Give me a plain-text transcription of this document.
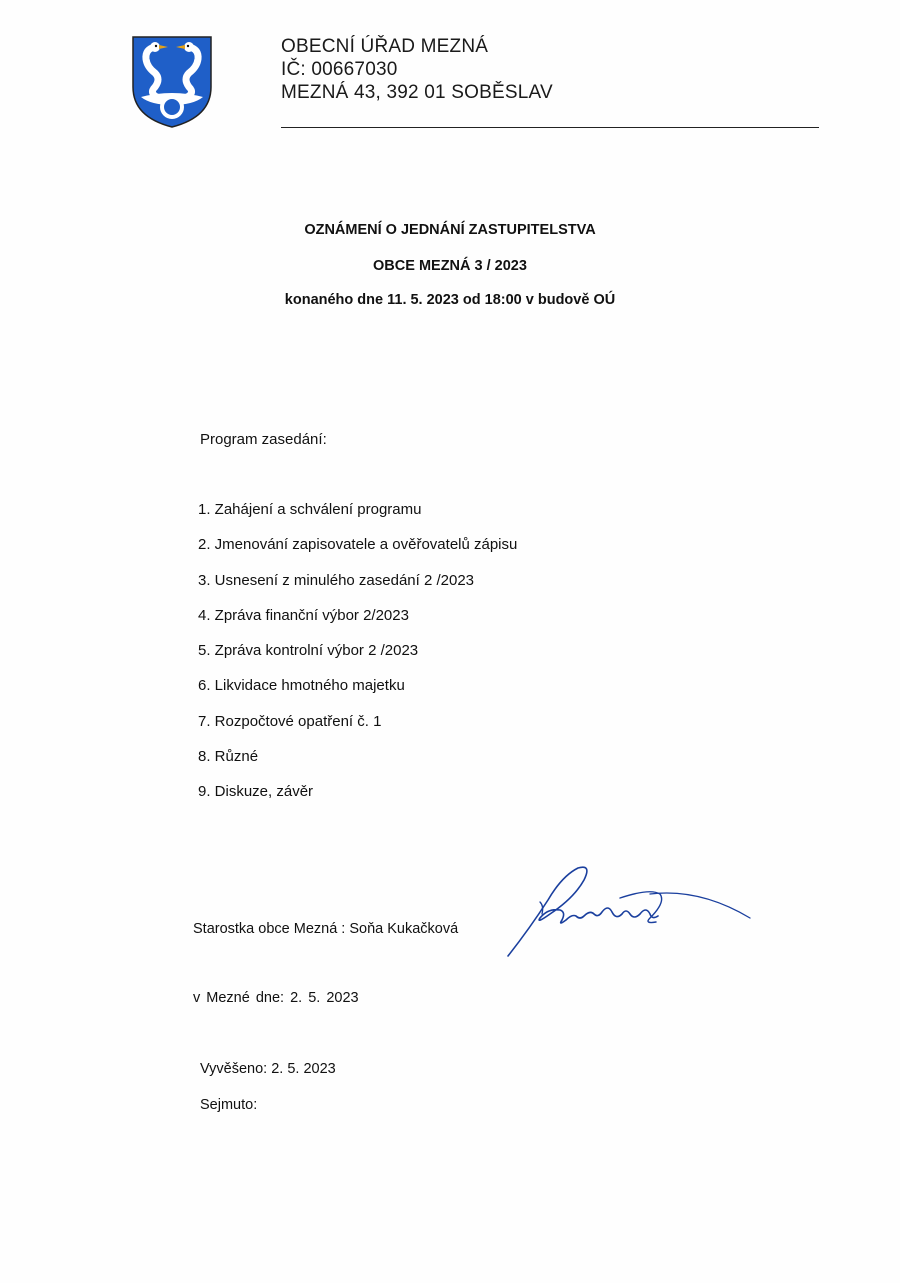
OBECNÍ ÚŘAD MEZNÁ
IČ: 00667030
MEZNÁ 43, 392 01 SOBĚSLAV
OZNÁMENÍ O JEDNÁNÍ ZASTUPITELSTVA
OBCE MEZNÁ 3 / 2023
konaného dne 11. 5. 2023 od 18:00 v budově OÚ
Program zasedání:
1. Zahájení a schválení programu
2. Jmenování zapisovatele a ověřovatelů zápisu
3. Usnesení z minulého zasedání 2 /2023
4. Zpráva finanční výbor 2/2023
5. Zpráva kontrolní výbor 2 /2023
6. Likvidace hmotného majetku
7. Rozpočtové opatření č. 1
8. Různé
9. Diskuze, závěr
Starostka obce Mezná : Soňa Kukačková
v Mezné dne: 2. 5. 2023
Vyvěšeno: 2. 5. 2023
Sejmuto:
